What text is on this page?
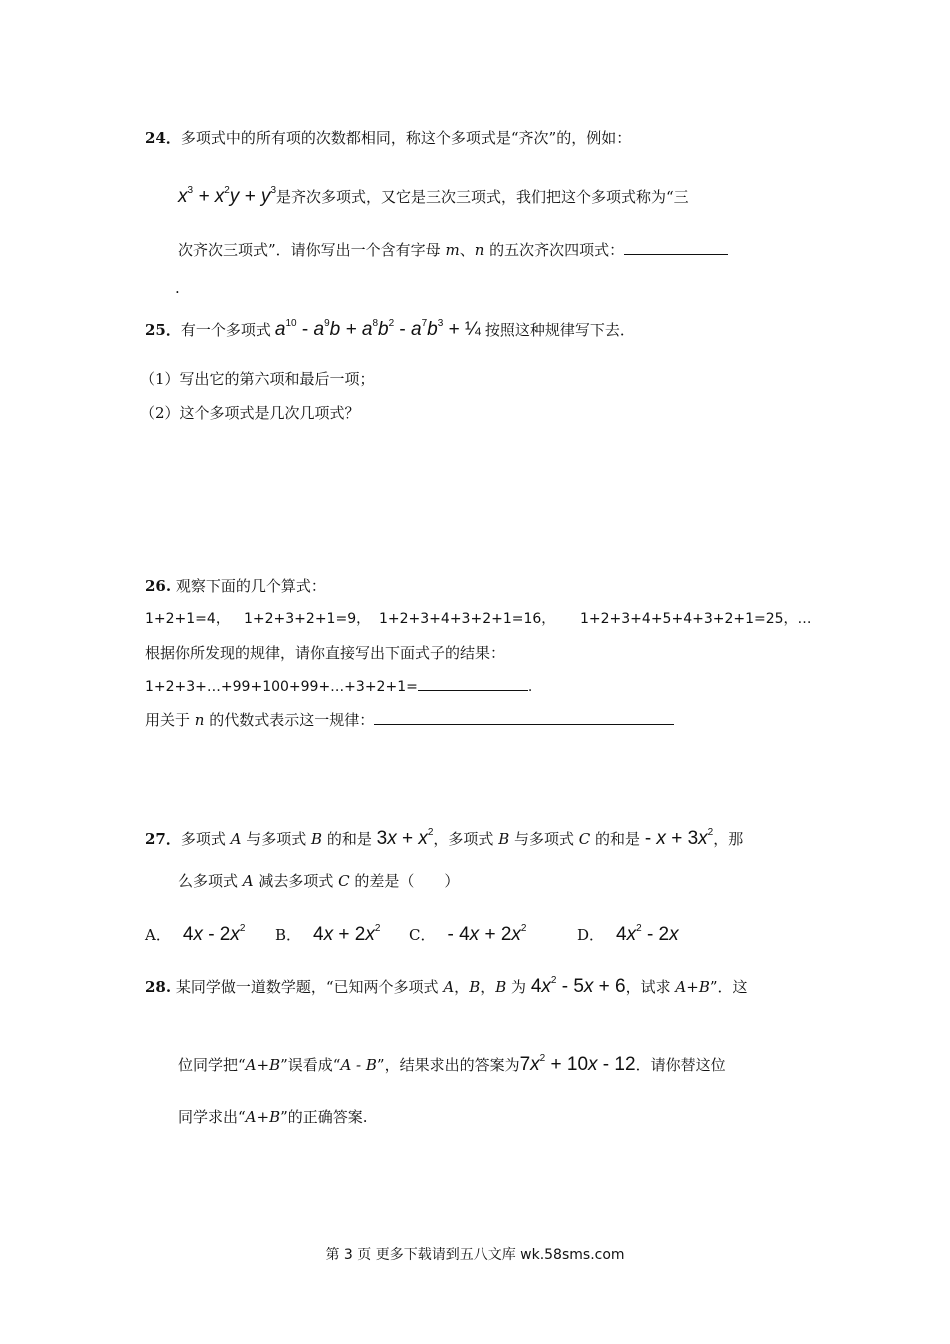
24．多项式中的所有项的次数都相同，称这个多项式是“齐次”的，例如：
$x^3 + x^2y + y^3$是齐次多项式，又它是三次三项式，我们把这个多项式称为“三
次齐次三项式”．请你写出一个含有字母 m、n 的五次齐次四项式：
.
25．有一个多项式 $a^{10} - a^9b + a^8b^2 - a^7b^3$ + ¼ 按照这种规律写下去．
（1）写出它的第六项和最后一项；
（2）这个多项式是几次几项式？
26. 观察下面的几个算式：
1+2+1=4， 1+2+3+2+1=9， 1+2+3+4+3+2+1=16， 1+2+3+4+5+4+3+2+1=25，…
根据你所发现的规律，请你直接写出下面式子的结果：
1+2+3+…+99+100+99+…+3+2+1=	.
用关于 n 的代数式表示这一规律：
27．多项式 A 与多项式 B 的和是 $3x + x^2$，多项式 B 与多项式 C 的和是 - $x + 3x^2$，那
么多项式 A 减去多项式 C 的差是（　　）
A． $4x - 2x^2$ B． $4x + 2x^2$ C． - $4x + 2x^2$	D． $4x^2 - 2x$
28. 某同学做一道数学题，“已知两个多项式 A，B，B 为 $4x^2 - 5x + 6$，试求 A+B”．这
位同学把“A+B”误看成“A - B”，结果求出的答案为$7x^2 + 10x - 12$．请你替这位
同学求出“A+B”的正确答案.
第 3 页 更多下载请到五八文库 wk.58sms.com
